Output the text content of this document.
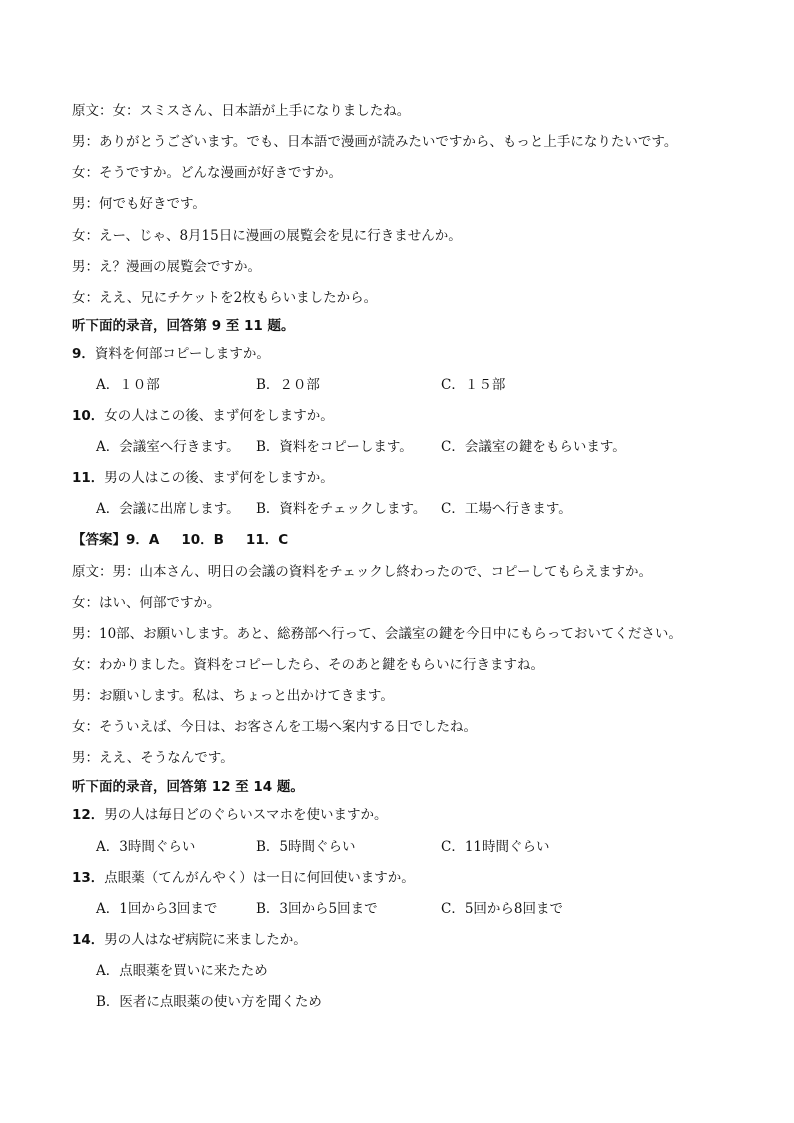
原文：女：スミスさん、日本語が上手になりましたね。
男：ありがとうございます。でも、日本語で漫画が読みたいですから、もっと上手になりたいです。
女：そうですか。どんな漫画が好きですか。
男：何でも好きです。
女：えー、じゃ、8月15日に漫画の展覧会を見に行きませんか。
男：え？漫画の展覧会ですか。
女：ええ、兄にチケットを2枚もらいましたから。
听下面的录音，回答第 9 至 11 题。
9．資料を何部コピーしますか。
A．１０部	B．２０部	C．１５部
10．女の人はこの後、まず何をしますか。
A．会議室へ行きます。 B．資料をコピーします。 C．会議室の鍵をもらいます。
11．男の人はこの後、まず何をしますか。
A．会議に出席します。 B．資料をチェックします。 C．工場へ行きます。
【答案】9．A 10．B 11．C
原文：男：山本さん、明日の会議の資料をチェックし終わったので、コピーしてもらえますか。
女：はい、何部ですか。
男：10部、お願いします。あと、総務部へ行って、会議室の鍵を今日中にもらっておいてください。
女：わかりました。資料をコピーしたら、そのあと鍵をもらいに行きますね。
男：お願いします。私は、ちょっと出かけてきます。
女：そういえば、今日は、お客さんを工場へ案内する日でしたね。
男：ええ、そうなんです。
听下面的录音，回答第 12 至 14 题。
12．男の人は毎日どのぐらいスマホを使いますか。
A．3時間ぐらい	B．5時間ぐらい	C．11時間ぐらい
13．点眼薬（てんがんやく）は一日に何回使いますか。
A．1回から3回まで	B．3回から5回まで	C．5回から8回まで
14．男の人はなぜ病院に来ましたか。
A．点眼薬を買いに来たため
B．医者に点眼薬の使い方を聞くため
